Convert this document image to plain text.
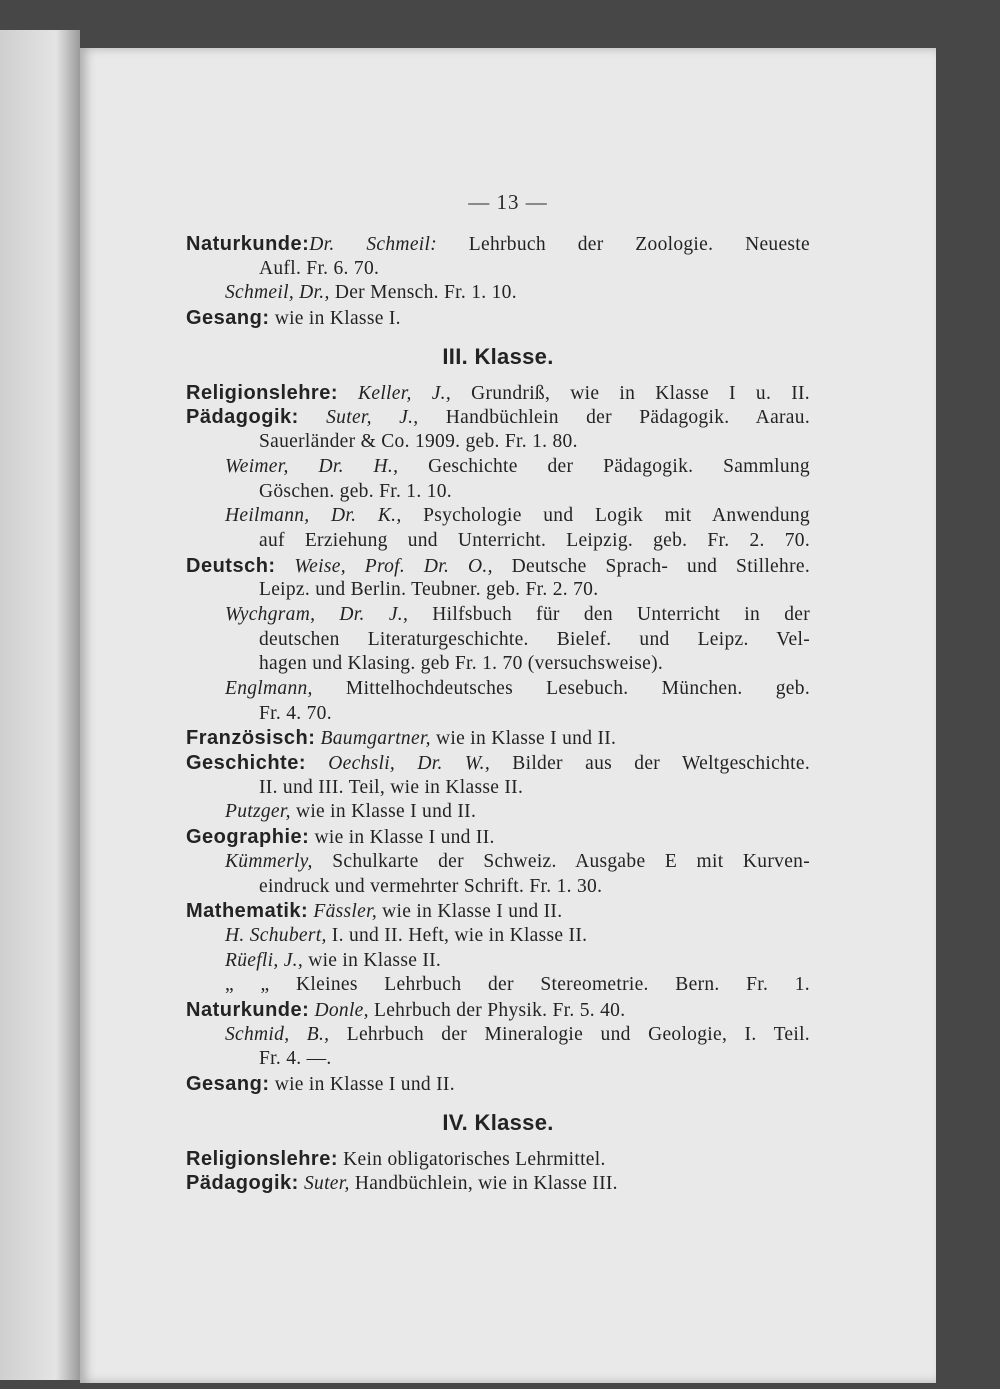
— 13 —
Naturkunde:Dr. Schmeil: Lehrbuch der Zoologie. Neueste
Aufl. Fr. 6. 70.
Schmeil, Dr., Der Mensch. Fr. 1. 10.
Gesang: wie in Klasse I.
III. Klasse.
Religionslehre: Keller, J., Grundriß, wie in Klasse I u. II.
Pädagogik: Suter, J., Handbüchlein der Pädagogik. Aarau.
Sauerländer & Co. 1909. geb. Fr. 1. 80.
Weimer, Dr. H., Geschichte der Pädagogik. Sammlung
Göschen. geb. Fr. 1. 10.
Heilmann, Dr. K., Psychologie und Logik mit Anwendung
auf Erziehung und Unterricht. Leipzig. geb. Fr. 2. 70.
Deutsch: Weise, Prof. Dr. O., Deutsche Sprach- und Stillehre.
Leipz. und Berlin. Teubner. geb. Fr. 2. 70.
Wychgram, Dr. J., Hilfsbuch für den Unterricht in der
deutschen Literaturgeschichte. Bielef. und Leipz. Vel-
hagen und Klasing. geb Fr. 1. 70 (versuchsweise).
Englmann, Mittelhochdeutsches Lesebuch. München. geb.
Fr. 4. 70.
Französisch: Baumgartner, wie in Klasse I und II.
Geschichte: Oechsli, Dr. W., Bilder aus der Weltgeschichte.
II. und III. Teil, wie in Klasse II.
Putzger, wie in Klasse I und II.
Geographie: wie in Klasse I und II.
Kümmerly, Schulkarte der Schweiz. Ausgabe E mit Kurven-
eindruck und vermehrter Schrift. Fr. 1. 30.
Mathematik: Fässler, wie in Klasse I und II.
H. Schubert, I. und II. Heft, wie in Klasse II.
Rüefli, J., wie in Klasse II.
„ „ Kleines Lehrbuch der Stereometrie. Bern. Fr. 1.
Naturkunde: Donle, Lehrbuch der Physik. Fr. 5. 40.
Schmid, B., Lehrbuch der Mineralogie und Geologie, I. Teil.
Fr. 4. —.
Gesang: wie in Klasse I und II.
IV. Klasse.
Religionslehre: Kein obligatorisches Lehrmittel.
Pädagogik: Suter, Handbüchlein, wie in Klasse III.
